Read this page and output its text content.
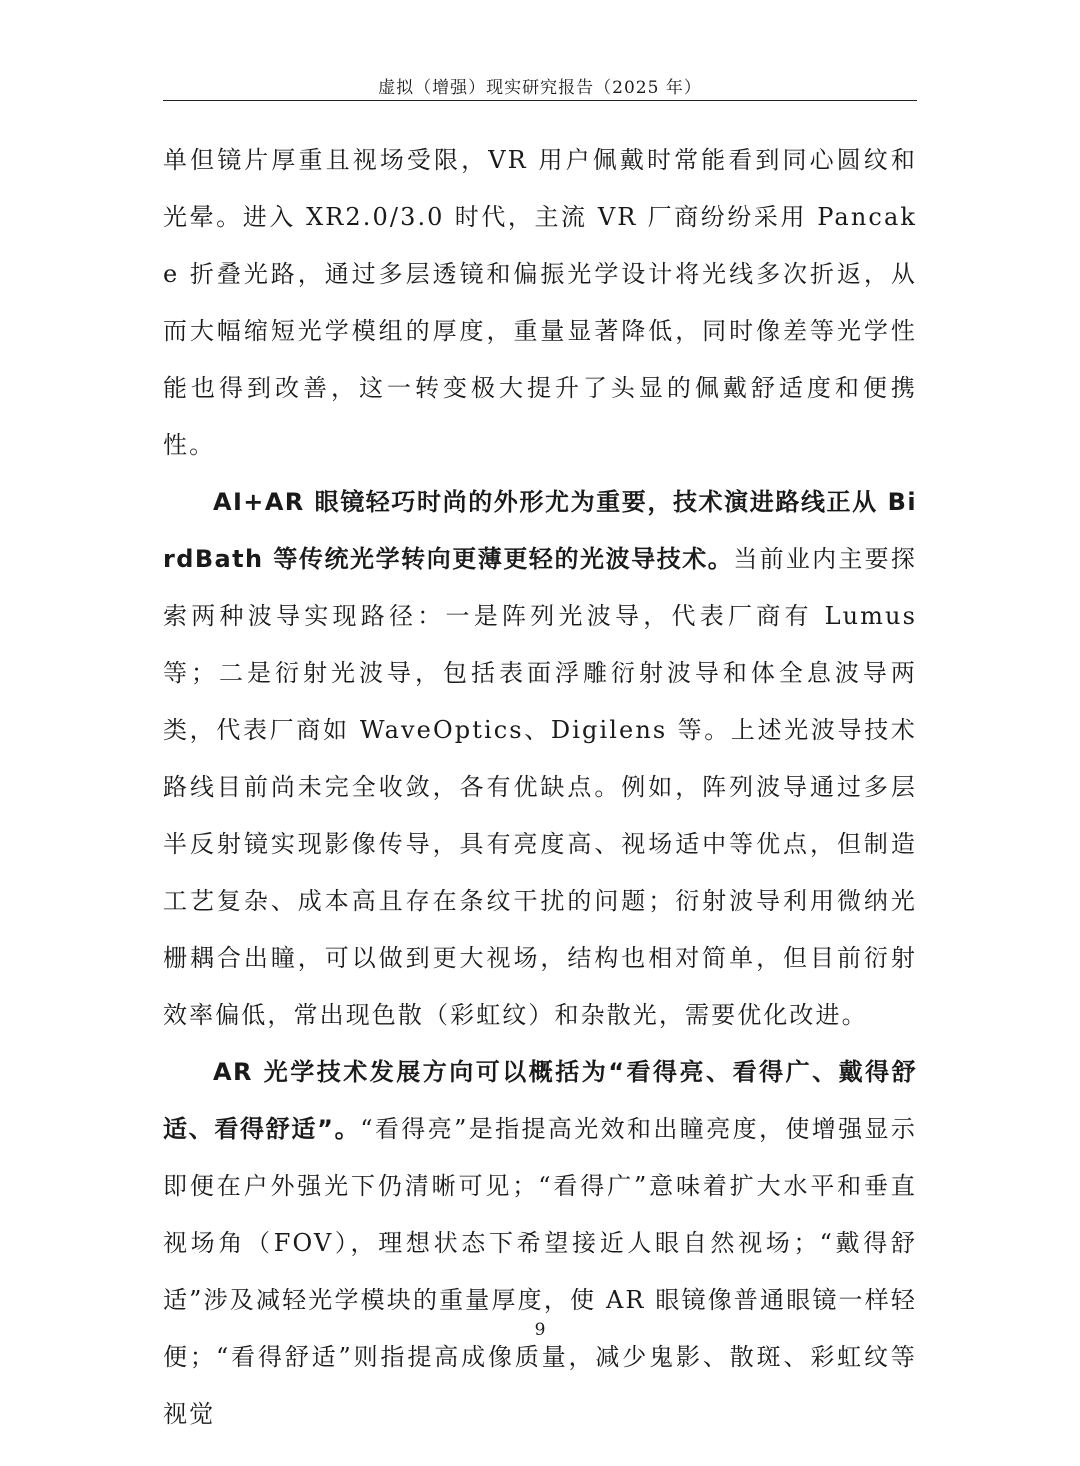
虚拟（增强）现实研究报告（2025 年）

单但镜片厚重且视场受限，VR 用户佩戴时常能看到同心圆纹和光晕。进入 XR2.0/3.0 时代，主流 VR 厂商纷纷采用 Pancake 折叠光路，通过多层透镜和偏振光学设计将光线多次折返，从而大幅缩短光学模组的厚度，重量显著降低，同时像差等光学性能也得到改善，这一转变极大提升了头显的佩戴舒适度和便携性。

AI+AR 眼镜轻巧时尚的外形尤为重要，技术演进路线正从 BirdBath 等传统光学转向更薄更轻的光波导技术。当前业内主要探索两种波导实现路径：一是阵列光波导，代表厂商有 Lumus 等；二是衍射光波导，包括表面浮雕衍射波导和体全息波导两类，代表厂商如 WaveOptics、Digilens 等。上述光波导技术路线目前尚未完全收敛，各有优缺点。例如，阵列波导通过多层半反射镜实现影像传导，具有亮度高、视场适中等优点，但制造工艺复杂、成本高且存在条纹干扰的问题；衍射波导利用微纳光栅耦合出瞳，可以做到更大视场，结构也相对简单，但目前衍射效率偏低，常出现色散（彩虹纹）和杂散光，需要优化改进。

AR 光学技术发展方向可以概括为“看得亮、看得广、戴得舒适、看得舒适”。“看得亮”是指提高光效和出瞳亮度，使增强显示即便在户外强光下仍清晰可见；“看得广”意味着扩大水平和垂直视场角（FOV），理想状态下希望接近人眼自然视场；“戴得舒适”涉及减轻光学模块的重量厚度，使 AR 眼镜像普通眼镜一样轻便；“看得舒适”则指提高成像质量，减少鬼影、散斑、彩虹纹等视觉

9
